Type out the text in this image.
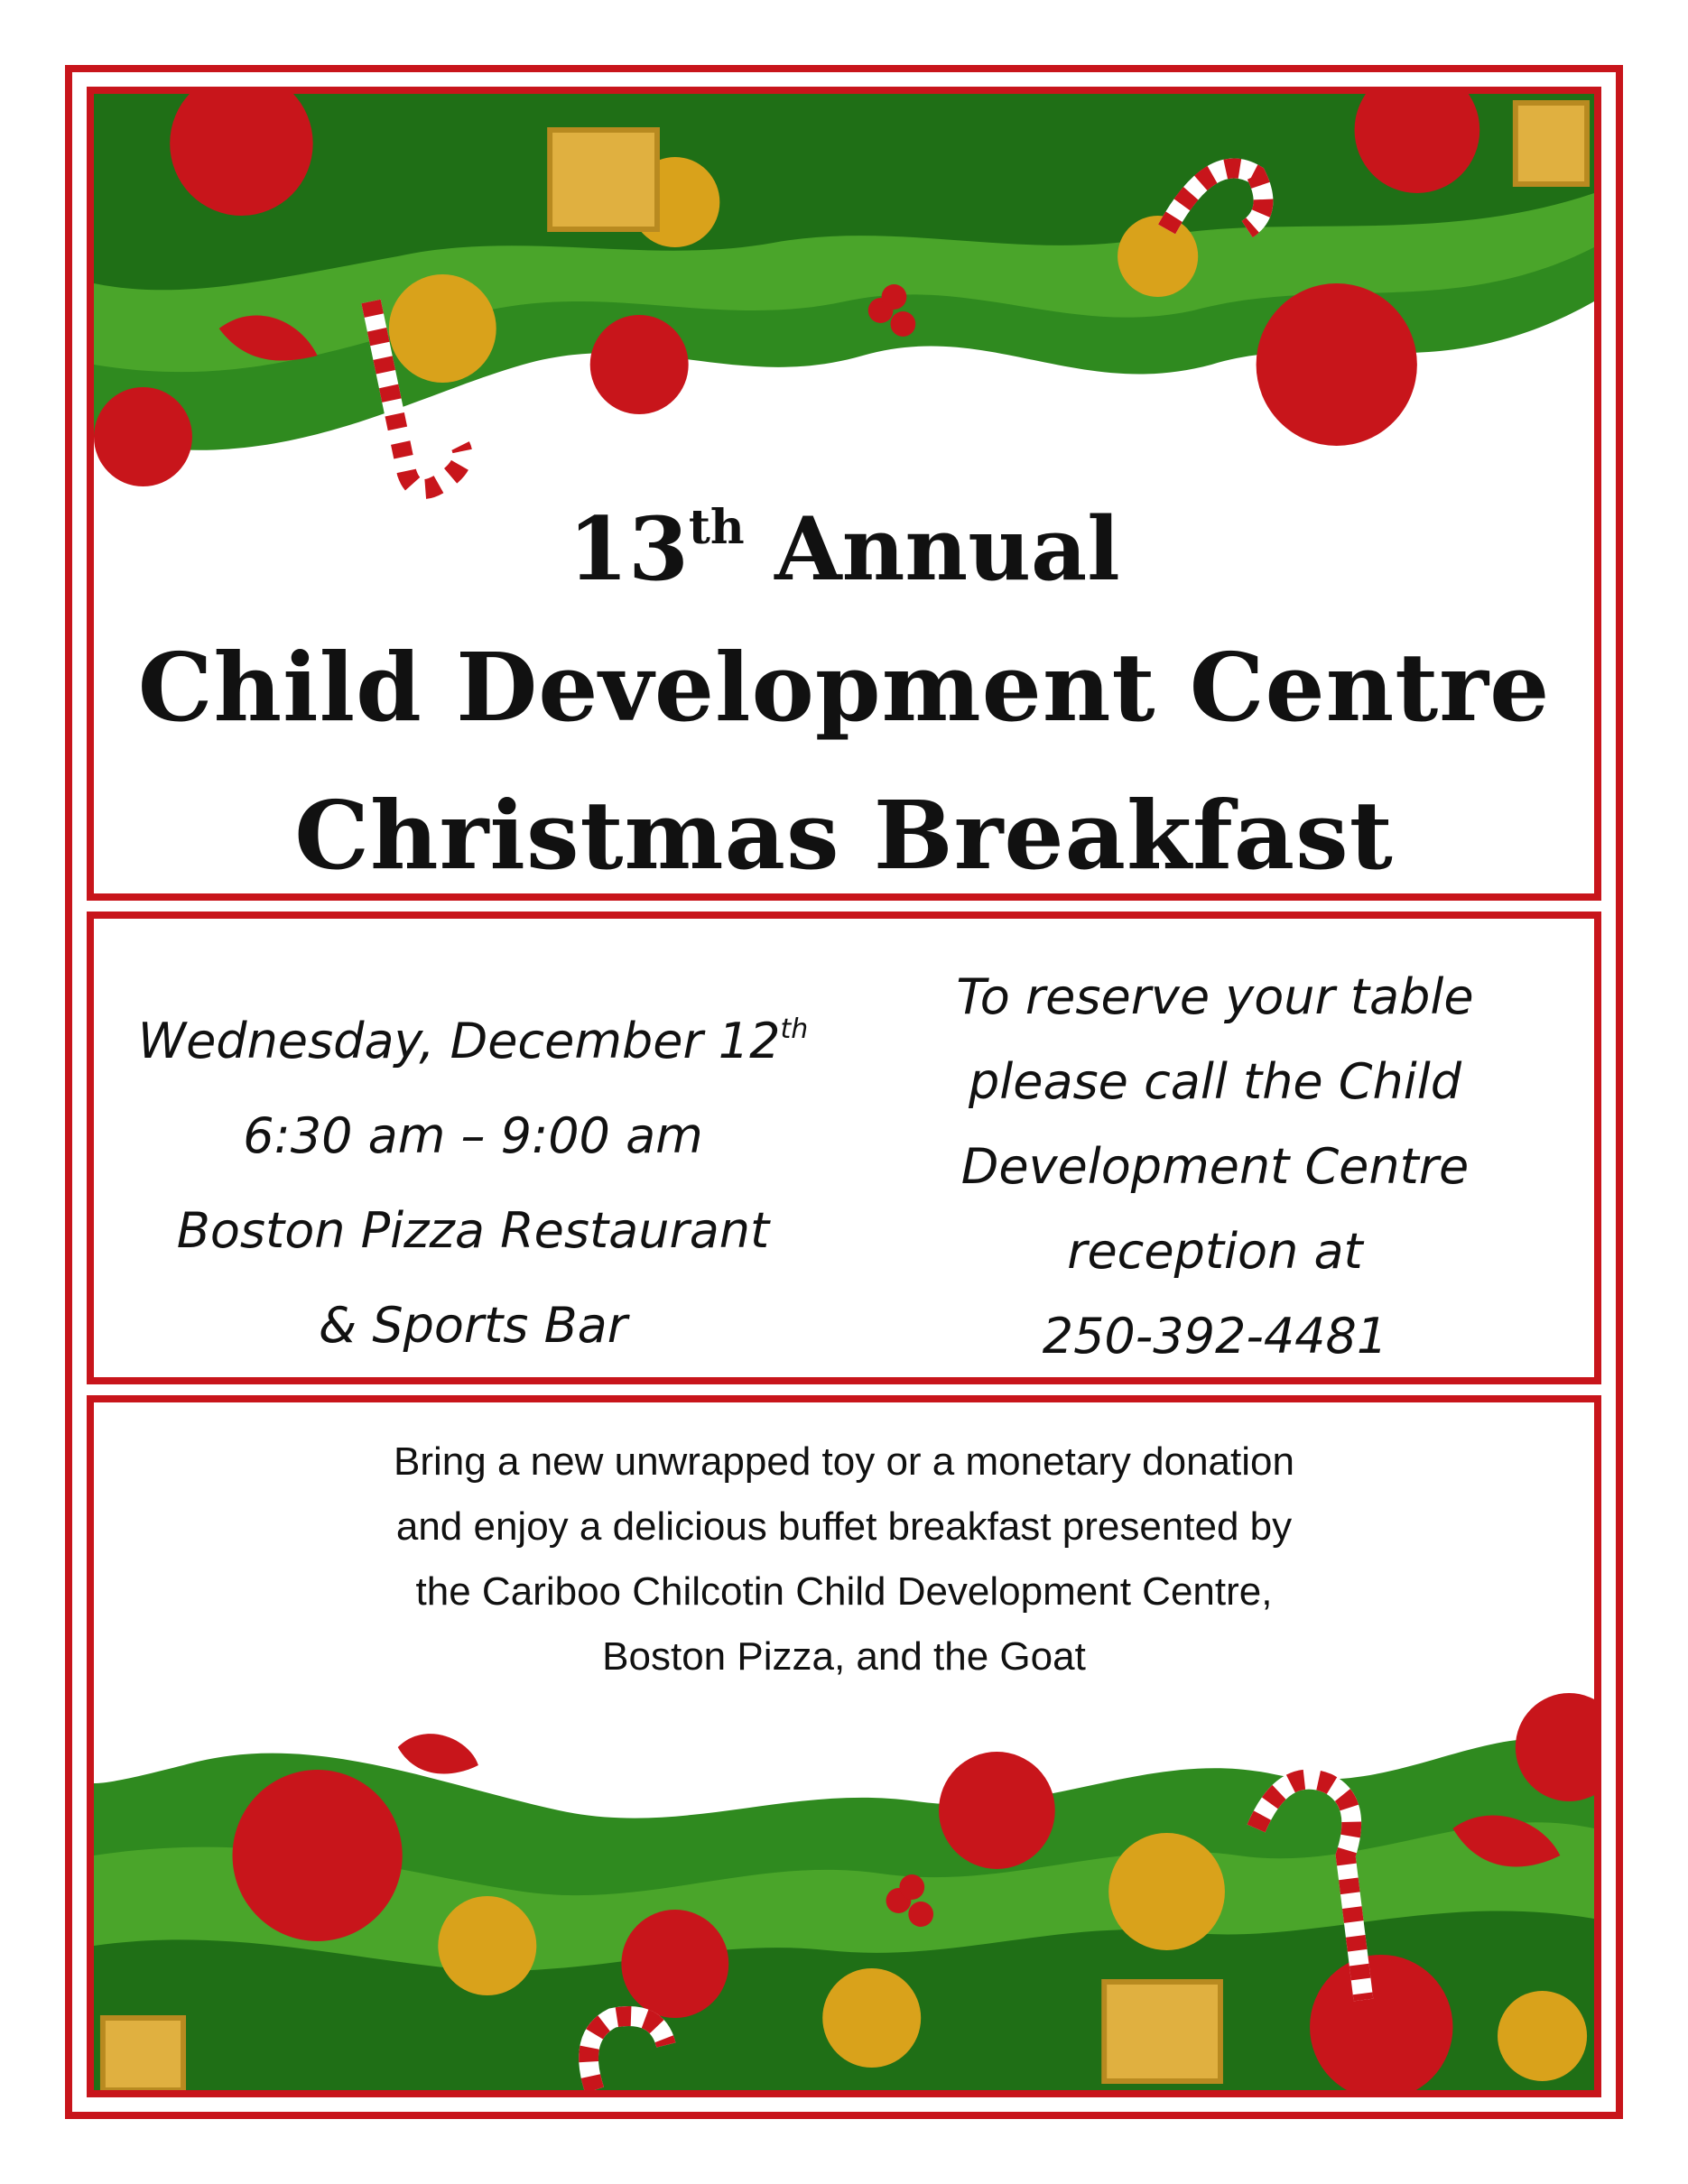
13th Annual
Child Development Centre
Christmas Breakfast
Wednesday, December 12th
6:30 am – 9:00 am
Boston Pizza Restaurant
& Sports Bar
To reserve your table
please call the Child
Development Centre
reception at
250-392-4481
Bring a new unwrapped toy or a monetary donation
and enjoy a delicious buffet breakfast presented by
the Cariboo Chilcotin Child Development Centre,
Boston Pizza, and the Goat
